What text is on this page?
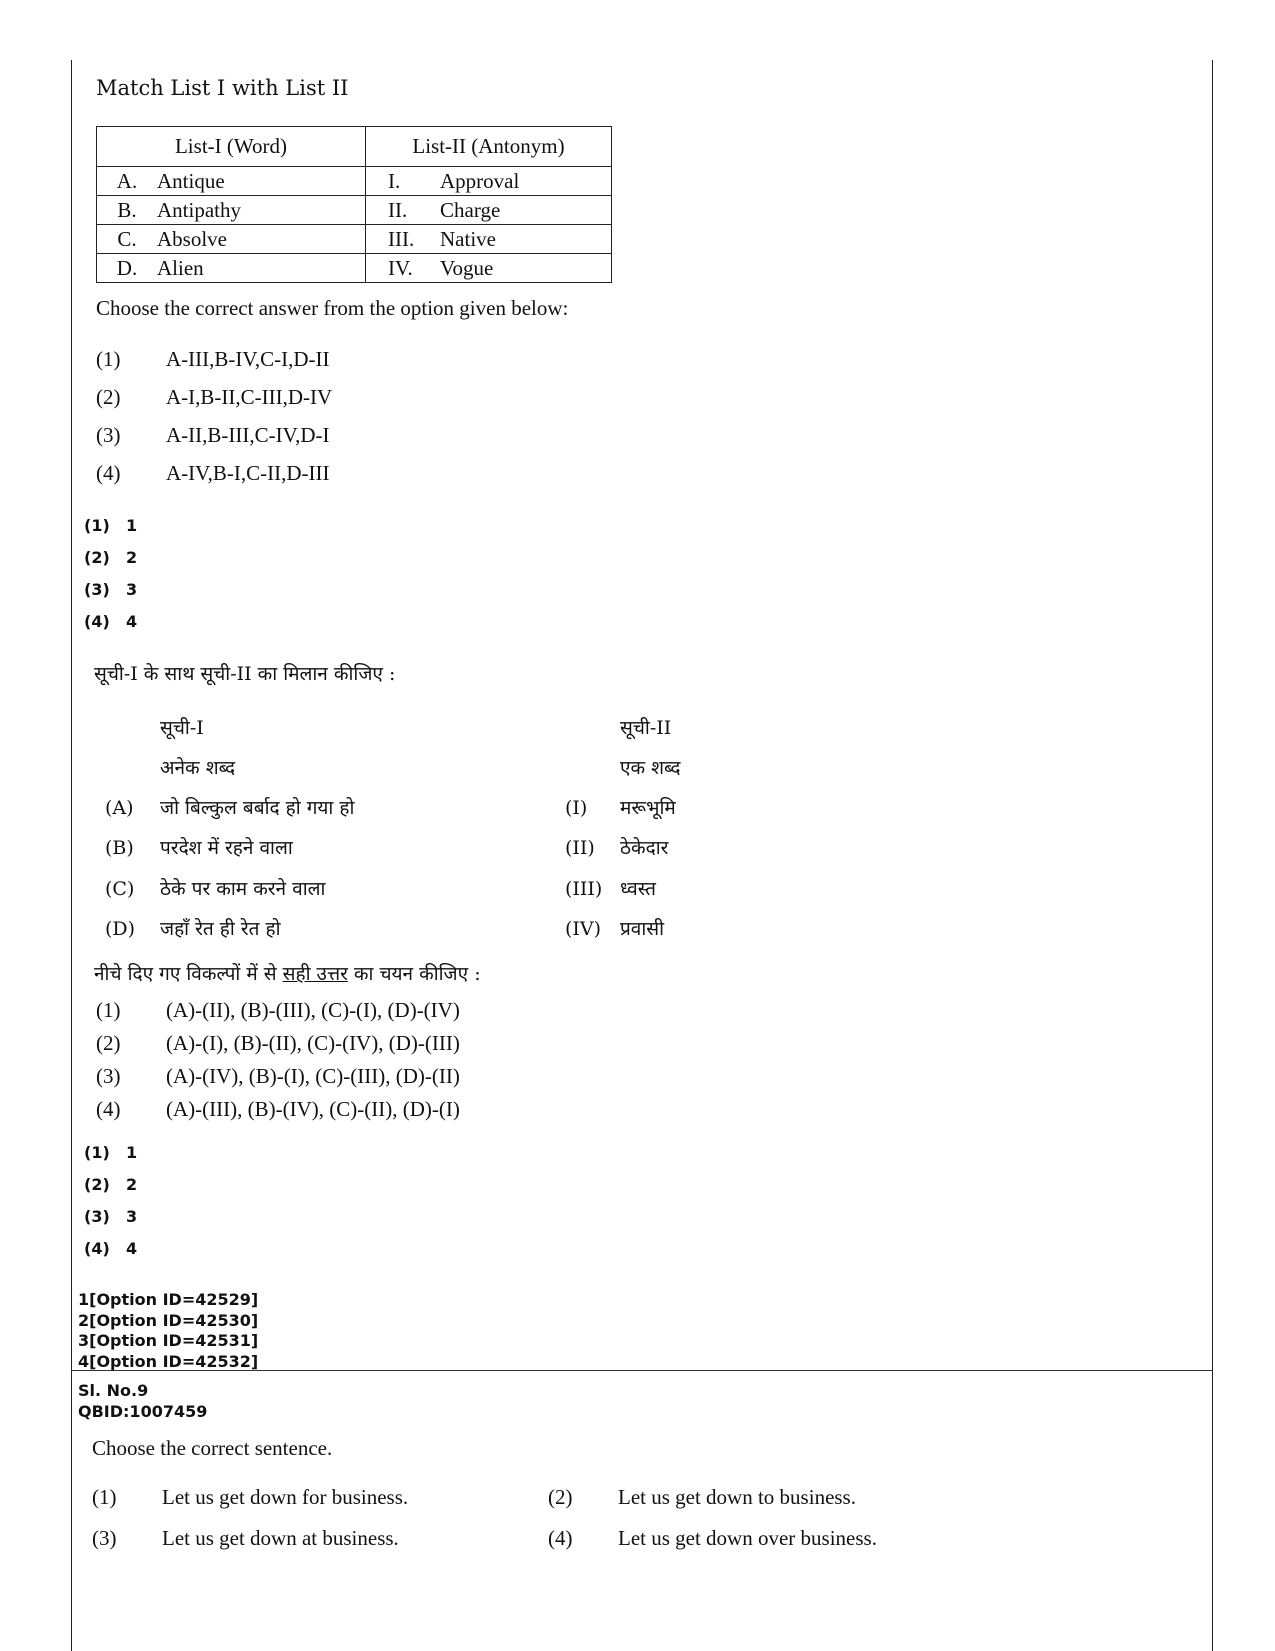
Match List I with List II
List-I (Word)	List-II (Antonym)

A. Antique	I. Approval

B. Antipathy	II. Charge

C. Absolve	III. Native

D. Alien	IV. Vogue
Choose the correct answer from the option given below:
(1) A-III,B-IV,C-I,D-II
(2) A-I,B-II,C-III,D-IV
(3) A-II,B-III,C-IV,D-I
(4) A-IV,B-I,C-II,D-III
(1) 1
(2) 2
(3) 3
(4) 4
सूची-I के साथ सूची-II का मिलान कीजिए :
सूची-I	सूची-II
अनेक शब्द	एक शब्द
(A) जो बिल्कुल बर्बाद हो गया हो	(I) मरूभूमि
(B) परदेश में रहने वाला	(II) ठेकेदार
(C) ठेके पर काम करने वाला	(III) ध्वस्त
(D) जहाँ रेत ही रेत हो	(IV) प्रवासी
नीचे दिए गए विकल्पों में से सही उत्तर का चयन कीजिए :
(1) (A)-(II), (B)-(III), (C)-(I), (D)-(IV)
(2) (A)-(I), (B)-(II), (C)-(IV), (D)-(III)
(3) (A)-(IV), (B)-(I), (C)-(III), (D)-(II)
(4) (A)-(III), (B)-(IV), (C)-(II), (D)-(I)
(1) 1
(2) 2
(3) 3
(4) 4
1[Option ID=42529]
2[Option ID=42530]
3[Option ID=42531]
4[Option ID=42532]
Sl. No.9
QBID:1007459
Choose the correct sentence.
(1) Let us get down for business.	(2) Let us get down to business.
(3) Let us get down at business.	(4) Let us get down over business.
